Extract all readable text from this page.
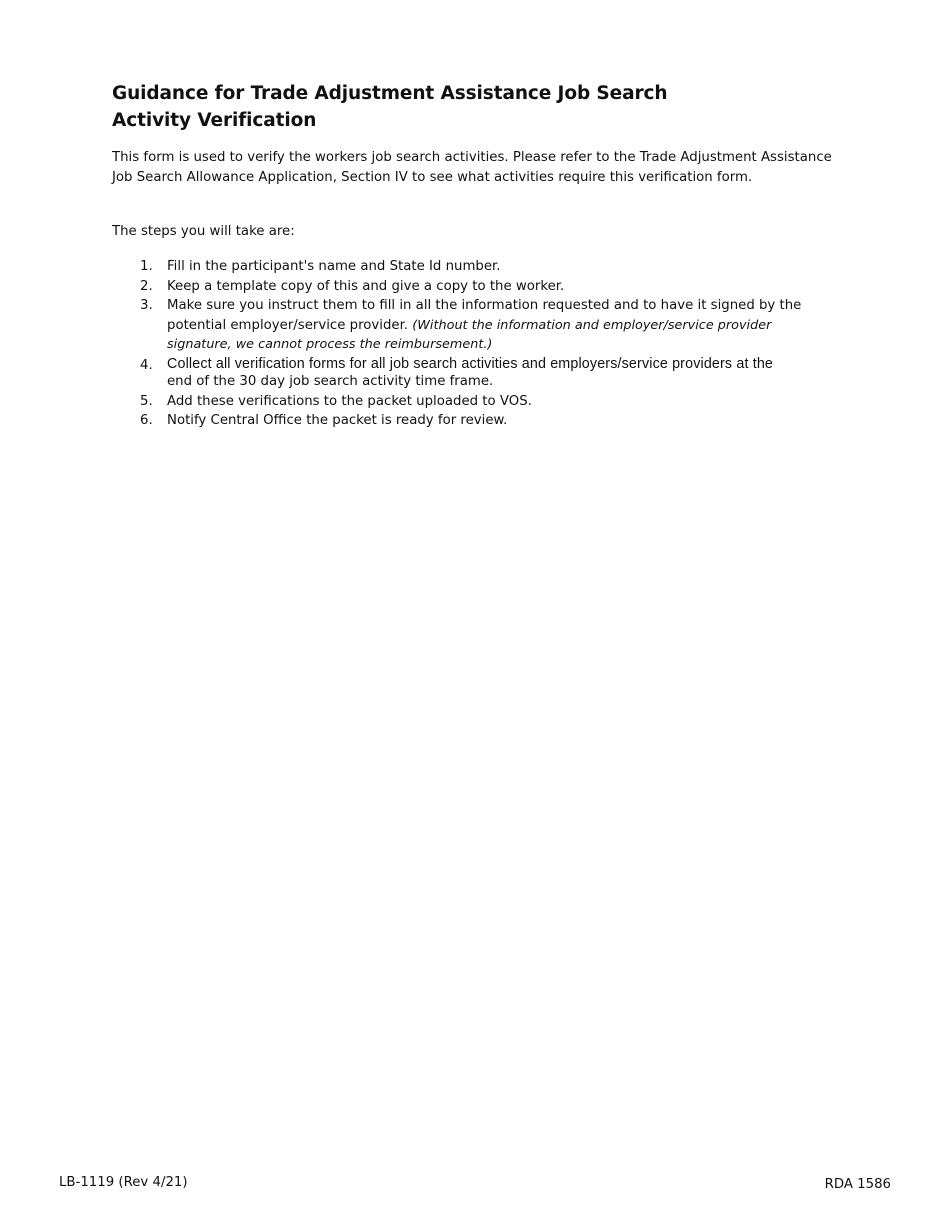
Guidance for Trade Adjustment Assistance Job Search
Activity Verification

This form is used to verify the workers job search activities. Please refer to the Trade Adjustment Assistance Job Search Allowance Application, Section IV to see what activities require this verification form.

The steps you will take are:

1.	Fill in the participant's name and State Id number.
2.	Keep a template copy of this and give a copy to the worker.
3.	Make sure you instruct them to fill in all the information requested and to have it signed by the potential employer/service provider. (Without the information and employer/service provider signature, we cannot process the reimbursement.)
4.	Collect all verification forms for all job search activities and employers/service providers at the
end of the 30 day job search activity time frame.
5.	Add these verifications to the packet uploaded to VOS.
6.	Notify Central Office the packet is ready for review.
LB-1119 (Rev 4/21)	RDA 1586
